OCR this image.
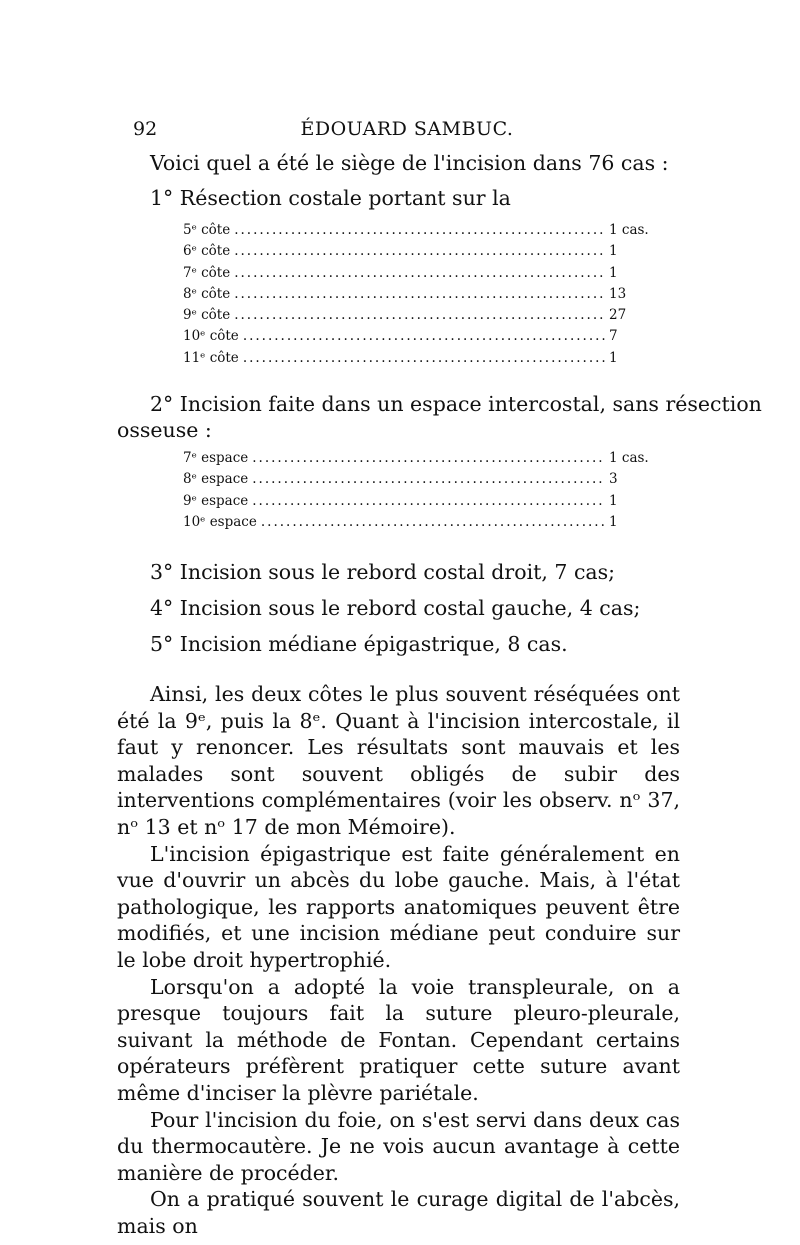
92	ÉDOUARD SAMBUC.
Voici quel a été le siège de l'incision dans 76 cas :
1° Résection costale portant sur la
5ᵉ côte .....	1 cas.
6ᵉ côte .....	1
7ᵉ côte .....	1
8ᵉ côte .....	13
9ᵉ côte .....	27
10ᵉ côte .....	7
11ᵉ côte .....	1
2° Incision faite dans un espace intercostal, sans résection
osseuse :
7ᵉ espace .....	1 cas.
8ᵉ espace .....	3
9ᵉ espace .....	1
10ᵉ espace .....	1
3° Incision sous le rebord costal droit, 7 cas;
4° Incision sous le rebord costal gauche, 4 cas;
5° Incision médiane épigastrique, 8 cas.

Ainsi, les deux côtes le plus souvent réséquées ont été la 9ᵉ, puis la 8ᵉ. Quant à l'incision intercostale, il faut y renoncer. Les résultats sont mauvais et les malades sont souvent obligés de subir des interventions complémentaires (voir les observ. nᵒ 37, nᵒ 13 et nᵒ 17 de mon Mémoire).

L'incision épigastrique est faite généralement en vue d'ouvrir un abcès du lobe gauche. Mais, à l'état pathologique, les rapports anatomiques peuvent être modifiés, et une incision médiane peut conduire sur le lobe droit hypertrophié.

Lorsqu'on a adopté la voie transpleurale, on a presque toujours fait la suture pleuro-pleurale, suivant la méthode de Fontan. Cependant certains opérateurs préfèrent pratiquer cette suture avant même d'inciser la plèvre pariétale.

Pour l'incision du foie, on s'est servi dans deux cas du thermocautère. Je ne vois aucun avantage à cette manière de procéder.

On a pratiqué souvent le curage digital de l'abcès, mais on
